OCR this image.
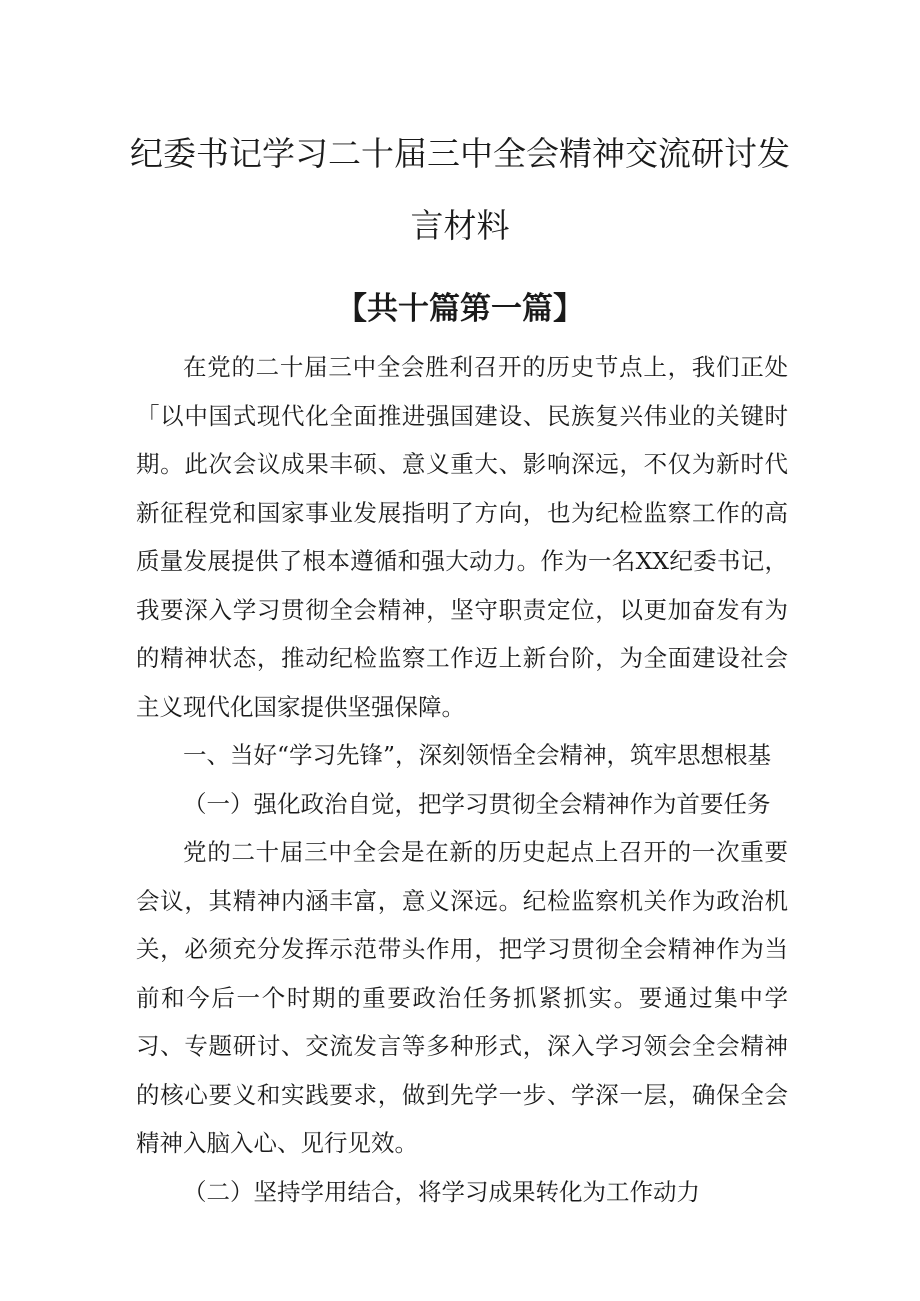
纪委书记学习二十届三中全会精神交流研讨发
言材料
【共十篇第一篇】

在党的二十届三中全会胜利召开的历史节点上，我们正处「以中国式现代化全面推进强国建设、民族复兴伟业的关键时期。此次会议成果丰硕、意义重大、影响深远，不仅为新时代新征程党和国家事业发展指明了方向，也为纪检监察工作的高质量发展提供了根本遵循和强大动力。作为一名XX纪委书记，我要深入学习贯彻全会精神，坚守职责定位，以更加奋发有为的精神状态，推动纪检监察工作迈上新台阶，为全面建设社会主义现代化国家提供坚强保障。

一、当好“学习先锋”，深刻领悟全会精神，筑牢思想根基

（一）强化政治自觉，把学习贯彻全会精神作为首要任务

党的二十届三中全会是在新的历史起点上召开的一次重要会议，其精神内涵丰富，意义深远。纪检监察机关作为政治机关，必须充分发挥示范带头作用，把学习贯彻全会精神作为当前和今后一个时期的重要政治任务抓紧抓实。要通过集中学习、专题研讨、交流发言等多种形式，深入学习领会全会精神的核心要义和实践要求，做到先学一步、学深一层，确保全会精神入脑入心、见行见效。

（二）坚持学用结合，将学习成果转化为工作动力
